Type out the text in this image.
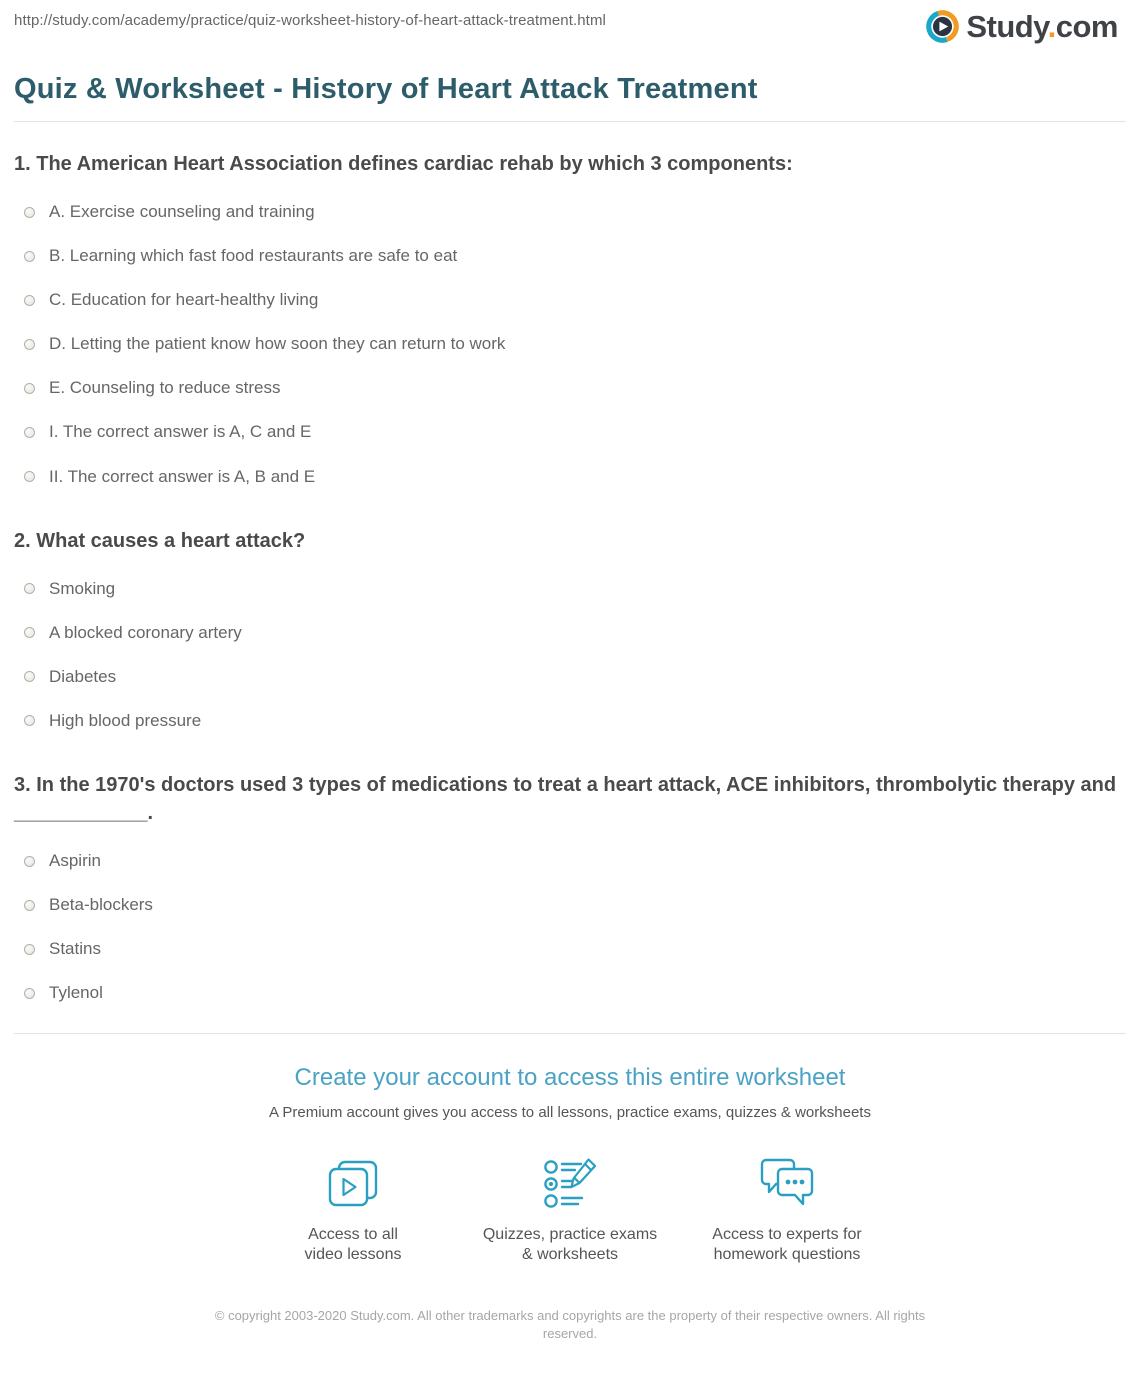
http://study.com/academy/practice/quiz-worksheet-history-of-heart-attack-treatment.html	Study.com
Quiz & Worksheet - History of Heart Attack Treatment
1. The American Heart Association defines cardiac rehab by which 3 components:
A. Exercise counseling and training
B. Learning which fast food restaurants are safe to eat
C. Education for heart-healthy living
D. Letting the patient know how soon they can return to work
E. Counseling to reduce stress
I. The correct answer is A, C and E
II. The correct answer is A, B and E
2. What causes a heart attack?
Smoking
A blocked coronary artery
Diabetes
High blood pressure
3. In the 1970's doctors used 3 types of medications to treat a heart attack, ACE inhibitors, thrombolytic therapy and ____________.
Aspirin
Beta-blockers
Statins
Tylenol
Create your account to access this entire worksheet

A Premium account gives you access to all lessons, practice exams, quizzes & worksheets

Access to all
video lessons
Quizzes, practice exams
& worksheets
Access to experts for
homework questions
© copyright 2003-2020 Study.com. All other trademarks and copyrights are the property of their respective owners. All rights reserved.
